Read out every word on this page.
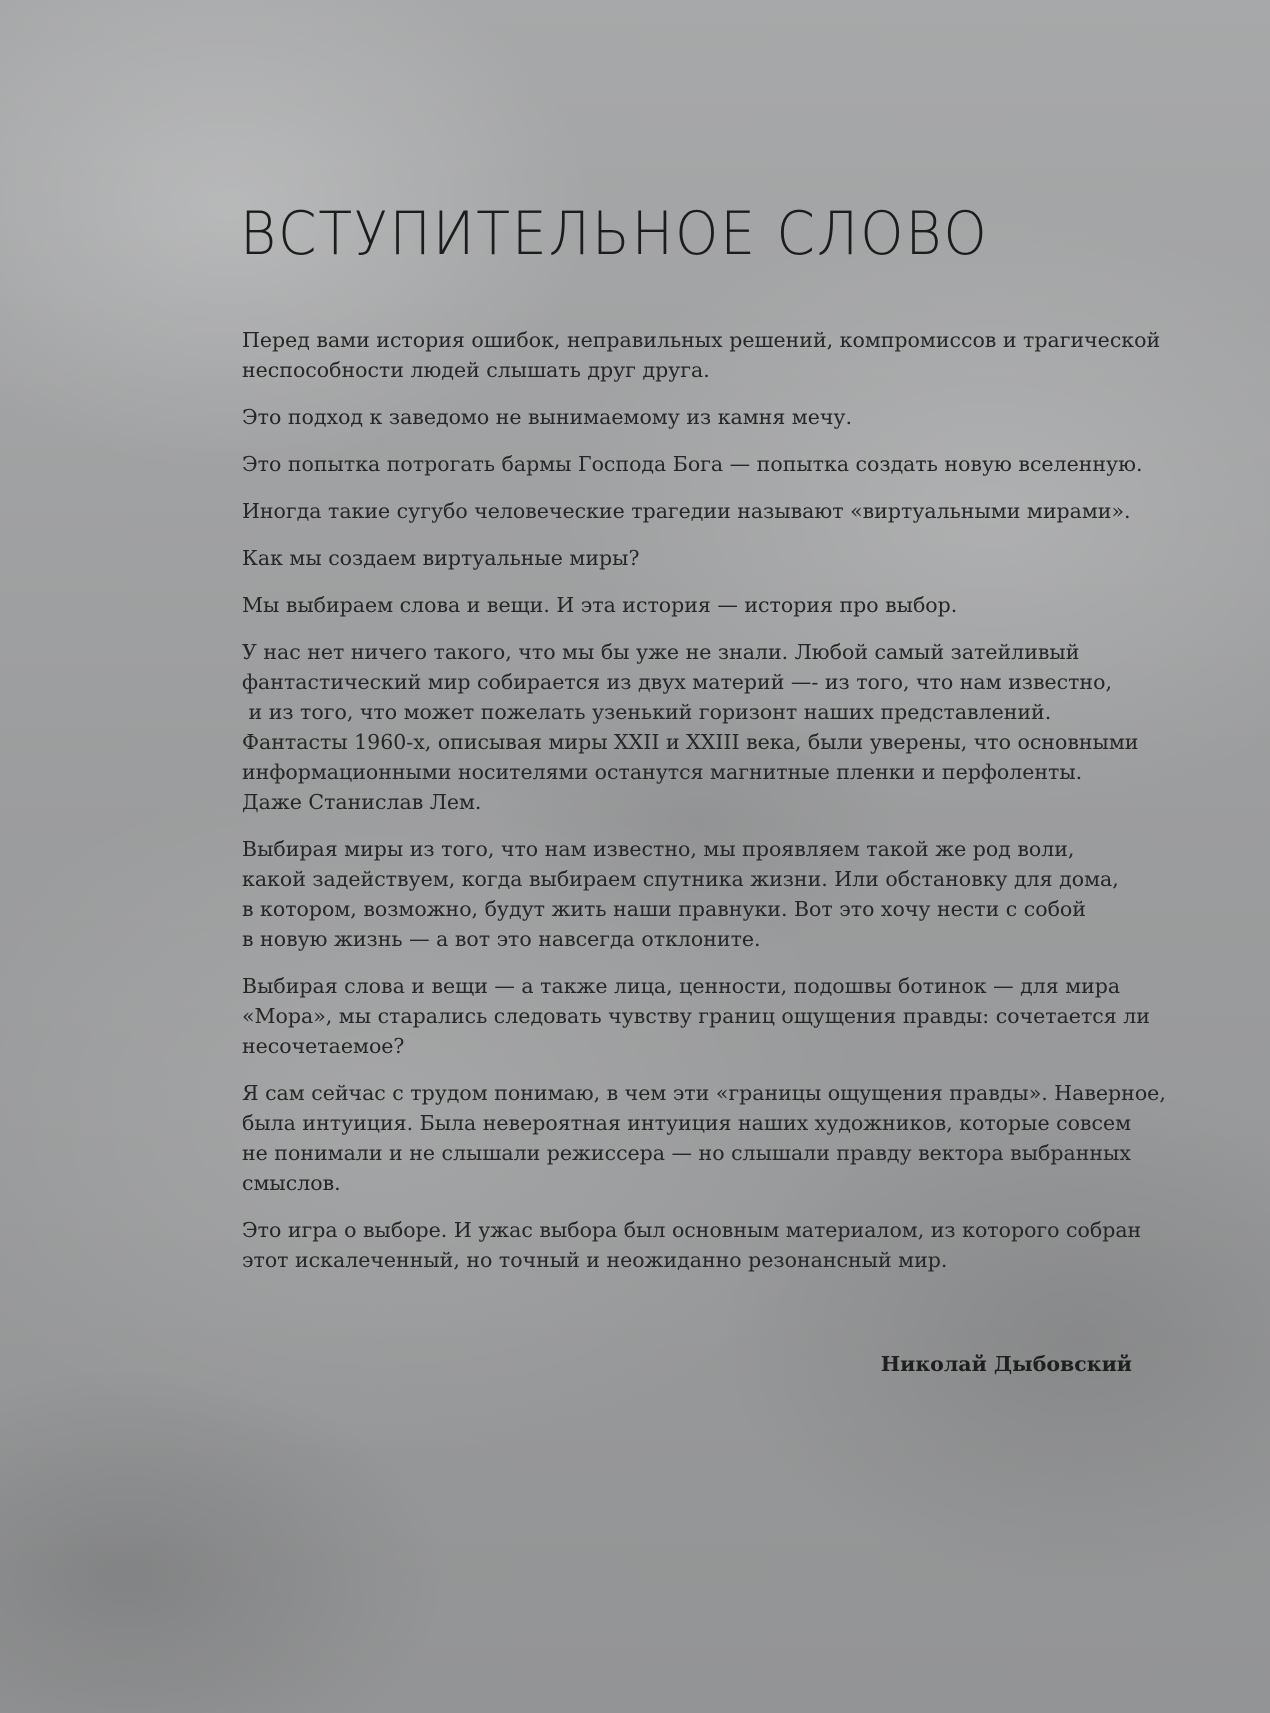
ВСТУПИТЕЛЬНОЕ СЛОВО

Перед вами история ошибок, неправильных решений, компромиссов и трагической
неспособности людей слышать друг друга.

Это подход к заведомо не вынимаемому из камня мечу.

Это попытка потрогать бармы Господа Бога — попытка создать новую вселенную.

Иногда такие сугубо человеческие трагедии называют «виртуальными мирами».

Как мы создаем виртуальные миры?

Мы выбираем слова и вещи. И эта история — история про выбор.

У нас нет ничего такого, что мы бы уже не знали. Любой самый затейливый
фантастический мир собирается из двух материй —- из того, что нам известно,
и из того, что может пожелать узенький горизонт наших представлений.
Фантасты 1960-х, описывая миры XXII и XXIII века, были уверены, что основными
информационными носителями останутся магнитные пленки и перфоленты.
Даже Станислав Лем.

Выбирая миры из того, что нам известно, мы проявляем такой же род воли,
какой задействуем, когда выбираем спутника жизни. Или обстановку для дома,
в котором, возможно, будут жить наши правнуки. Вот это хочу нести с собой
в новую жизнь — а вот это навсегда отклоните.

Выбирая слова и вещи — а также лица, ценности, подошвы ботинок — для мира
«Мора», мы старались следовать чувству границ ощущения правды: сочетается ли
несочетаемое?

Я сам сейчас с трудом понимаю, в чем эти «границы ощущения правды». Наверное,
была интуиция. Была невероятная интуиция наших художников, которые совсем
не понимали и не слышали режиссера — но слышали правду вектора выбранных
смыслов.

Это игра о выборе. И ужас выбора был основным материалом, из которого собран
этот искалеченный, но точный и неожиданно резонансный мир.

Николай Дыбовский
